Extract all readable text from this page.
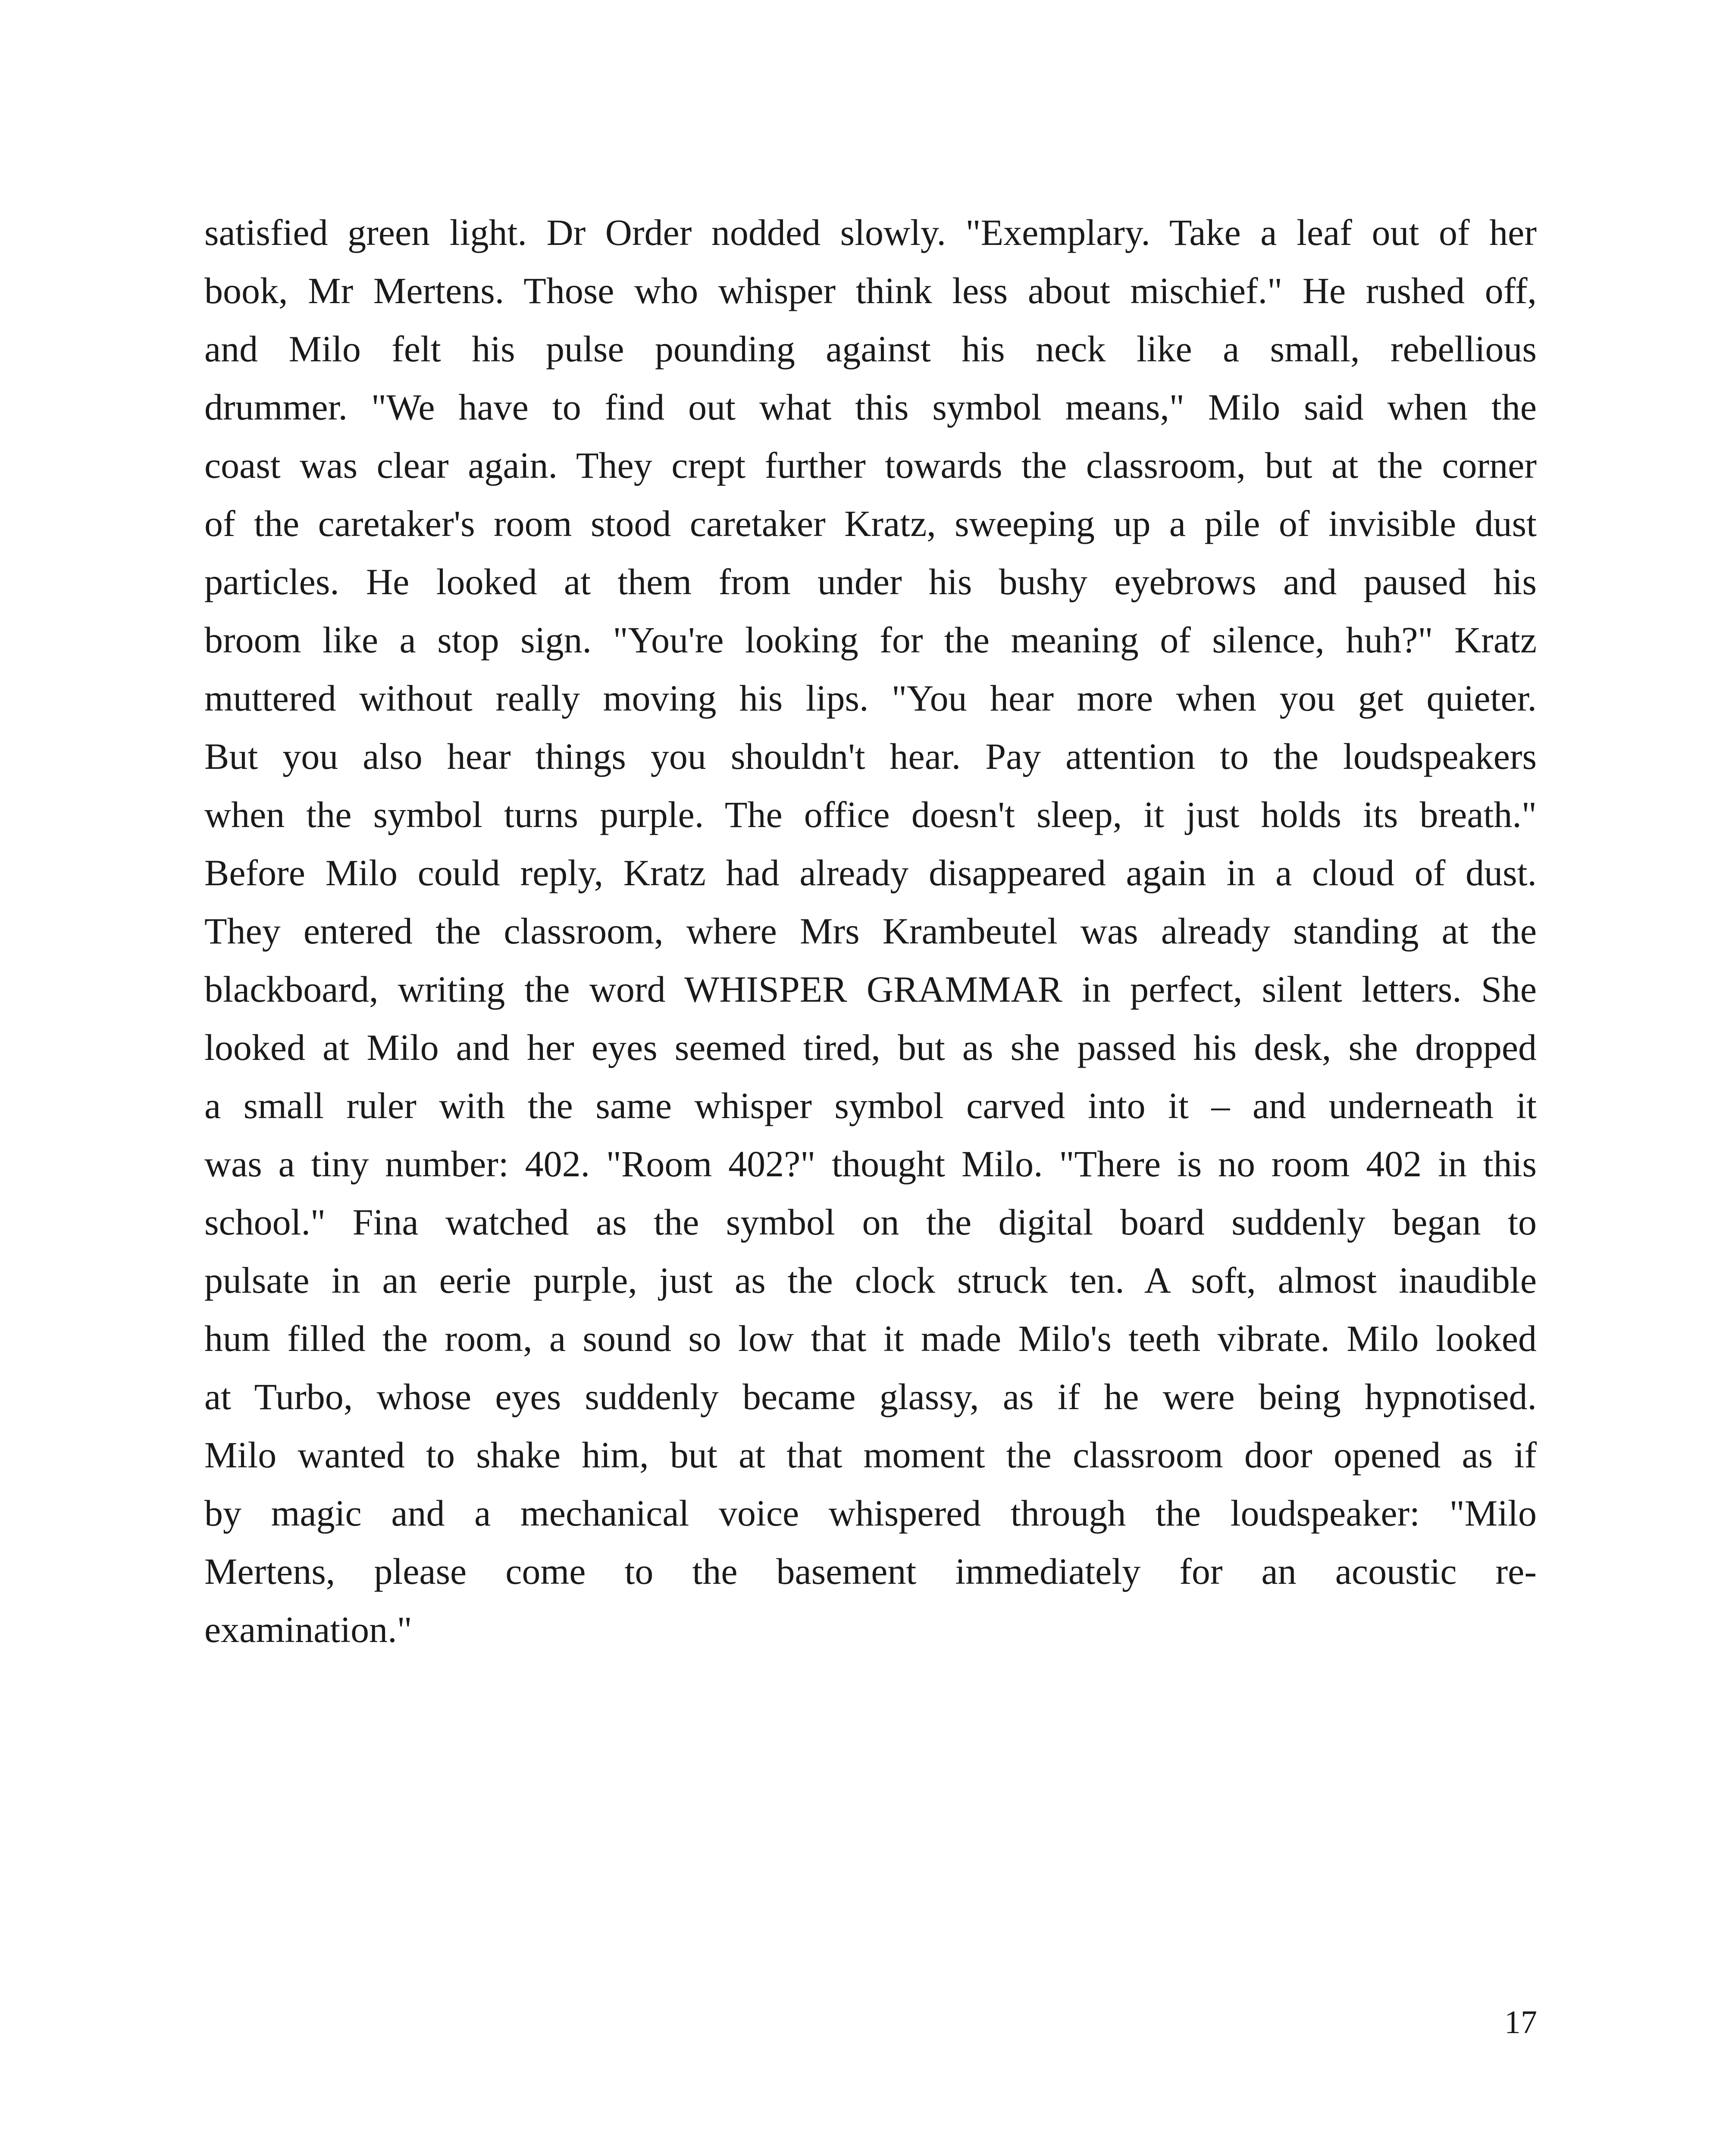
satisfied green light. Dr Order nodded slowly. "Exemplary. Take a leaf out of her
book, Mr Mertens. Those who whisper think less about mischief." He rushed off,
and Milo felt his pulse pounding against his neck like a small, rebellious
drummer. "We have to find out what this symbol means," Milo said when the
coast was clear again. They crept further towards the classroom, but at the corner
of the caretaker's room stood caretaker Kratz, sweeping up a pile of invisible dust
particles. He looked at them from under his bushy eyebrows and paused his
broom like a stop sign. "You're looking for the meaning of silence, huh?" Kratz
muttered without really moving his lips. "You hear more when you get quieter.
But you also hear things you shouldn't hear. Pay attention to the loudspeakers
when the symbol turns purple. The office doesn't sleep, it just holds its breath."
Before Milo could reply, Kratz had already disappeared again in a cloud of dust.
They entered the classroom, where Mrs Krambeutel was already standing at the
blackboard, writing the word WHISPER GRAMMAR in perfect, silent letters. She
looked at Milo and her eyes seemed tired, but as she passed his desk, she dropped
a small ruler with the same whisper symbol carved into it – and underneath it
was a tiny number: 402. "Room 402?" thought Milo. "There is no room 402 in this
school." Fina watched as the symbol on the digital board suddenly began to
pulsate in an eerie purple, just as the clock struck ten. A soft, almost inaudible
hum filled the room, a sound so low that it made Milo's teeth vibrate. Milo looked
at Turbo, whose eyes suddenly became glassy, as if he were being hypnotised.
Milo wanted to shake him, but at that moment the classroom door opened as if
by magic and a mechanical voice whispered through the loudspeaker: "Milo
Mertens, please come to the basement immediately for an acoustic re-
examination."
17
